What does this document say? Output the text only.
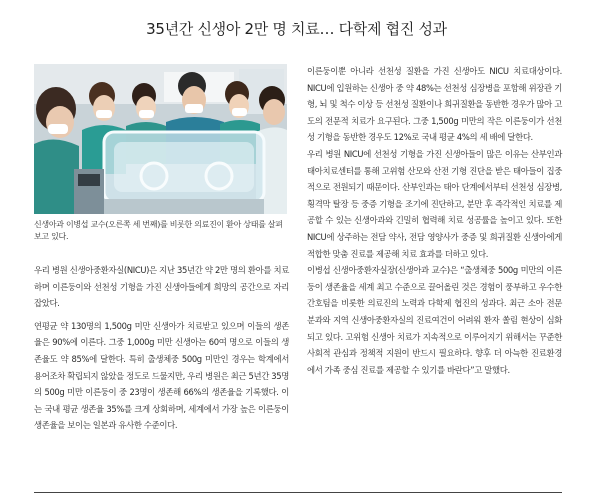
35년간 신생아 2만 명 치료… 다학제 협진 성과
신생아과 이병섭 교수(오른쪽 세 번째)를 비롯한 의료진이 환아 상태를 살펴보고 있다.

우리 병원 신생아중환자실(NICU)은 지난 35년간 약 2만 명의 환아를 치료하며 이른둥이와 선천성 기형을 가진 신생아들에게 희망의 공간으로 자리 잡았다.

연평균 약 130명의 1,500g 미만 신생아가 치료받고 있으며 이들의 생존율은 90%에 이른다. 그중 1,000g 미만 신생아는 60여 명으로 이들의 생존율도 약 85%에 달한다. 특히 출생체중 500g 미만인 경우는 학계에서 용어조차 확립되지 않았을 정도로 드물지만, 우리 병원은 최근 5년간 35명의 500g 미만 이른둥이 중 23명이 생존해 66%의 생존율을 기록했다. 이는 국내 평균 생존율 35%를 크게 상회하며, 세계에서 가장 높은 이른둥이 생존율을 보이는 일본과 유사한 수준이다.

이른둥이뿐 아니라 선천성 질환을 가진 신생아도 NICU 치료대상이다. NICU에 입원하는 신생아 중 약 48%는 선천성 심장병을 포함해 위장관 기형, 뇌 및 척수 이상 등 선천성 질환이나 희귀질환을 동반한 경우가 많아 고도의 전문적 치료가 요구된다. 그중 1,500g 미만의 작은 이른둥이가 선천성 기형을 동반한 경우도 12%로 국내 평균 4%의 세 배에 달한다.

우리 병원 NICU에 선천성 기형을 가진 신생아들이 많은 이유는 산부인과 태아치료센터를 통해 고위험 산모와 산전 기형 진단을 받은 태아들이 집중적으로 전원되기 때문이다. 산부인과는 태아 단계에서부터 선천성 심장병, 횡격막 탈장 등 중증 기형을 조기에 진단하고, 분만 후 즉각적인 치료를 제공할 수 있는 신생아과와 긴밀히 협력해 치료 성공률을 높이고 있다. 또한 NICU에 상주하는 전담 약사, 전담 영양사가 중증 및 희귀질환 신생아에게 적합한 맞춤 진료를 제공해 치료 효과를 더하고 있다.

이병섭 신생아중환자실장(신생아과 교수)은 “출생체중 500g 미만의 이른둥이 생존율을 세계 최고 수준으로 끌어올린 것은 경험이 풍부하고 우수한 간호팀을 비롯한 의료진의 노력과 다학제 협진의 성과다. 최근 소아 전문 분과와 지역 신생아중환자실의 진료여건이 어려워 환자 쏠림 현상이 심화되고 있다. 고위험 신생아 치료가 지속적으로 이루어지기 위해서는 꾸준한 사회적 관심과 정책적 지원이 반드시 필요하다. 향후 더 아늑한 진료환경에서 가족 중심 진료를 제공할 수 있기를 바란다”고 말했다.
